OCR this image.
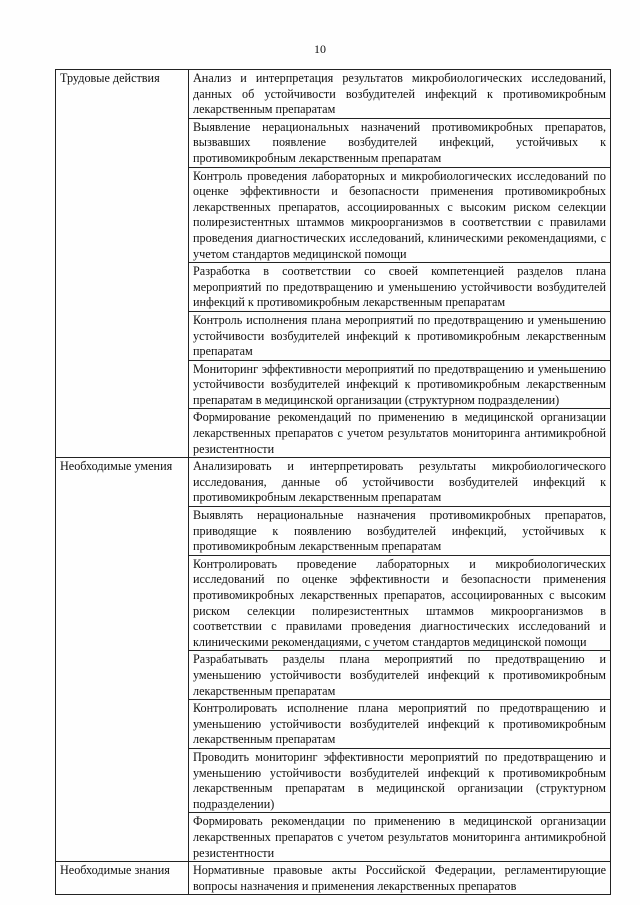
10
Трудовые действия	Анализ и интерпретация результатов микробиологических исследований, данных об устойчивости возбудителей инфекций к противомикробным лекарственным препаратам
	Выявление нерациональных назначений противомикробных препаратов, вызвавших появление возбудителей инфекций, устойчивых к противомикробным лекарственным препаратам
	Контроль проведения лабораторных и микробиологических исследований по оценке эффективности и безопасности применения противомикробных лекарственных препаратов, ассоциированных с высоким риском селекции полирезистентных штаммов микроорганизмов в соответствии с правилами проведения диагностических исследований, клиническими рекомендациями, с учетом стандартов медицинской помощи
	Разработка в соответствии со своей компетенцией разделов плана мероприятий по предотвращению и уменьшению устойчивости возбудителей инфекций к противомикробным лекарственным препаратам
	Контроль исполнения плана мероприятий по предотвращению и уменьшению устойчивости возбудителей инфекций к противомикробным лекарственным препаратам
	Мониторинг эффективности мероприятий по предотвращению и уменьшению устойчивости возбудителей инфекций к противомикробным лекарственным препаратам в медицинской организации (структурном подразделении)
	Формирование рекомендаций по применению в медицинской организации лекарственных препаратов с учетом результатов мониторинга антимикробной резистентности

Необходимые умения	Анализировать и интерпретировать результаты микробиологического исследования, данные об устойчивости возбудителей инфекций к противомикробным лекарственным препаратам
	Выявлять нерациональные назначения противомикробных препаратов, приводящие к появлению возбудителей инфекций, устойчивых к противомикробным лекарственным препаратам
	Контролировать проведение лабораторных и микробиологических исследований по оценке эффективности и безопасности применения противомикробных лекарственных препаратов, ассоциированных с высоким риском селекции полирезистентных штаммов микроорганизмов в соответствии с правилами проведения диагностических исследований и клиническими рекомендациями, с учетом стандартов медицинской помощи
	Разрабатывать разделы плана мероприятий по предотвращению и уменьшению устойчивости возбудителей инфекций к противомикробным лекарственным препаратам
	Контролировать исполнение плана мероприятий по предотвращению и уменьшению устойчивости возбудителей инфекций к противомикробным лекарственным препаратам
	Проводить мониторинг эффективности мероприятий по предотвращению и уменьшению устойчивости возбудителей инфекций к противомикробным лекарственным препаратам в медицинской организации (структурном подразделении)
	Формировать рекомендации по применению в медицинской организации лекарственных препаратов с учетом результатов мониторинга антимикробной резистентности

Необходимые знания	Нормативные правовые акты Российской Федерации, регламентирующие вопросы назначения и применения лекарственных препаратов
